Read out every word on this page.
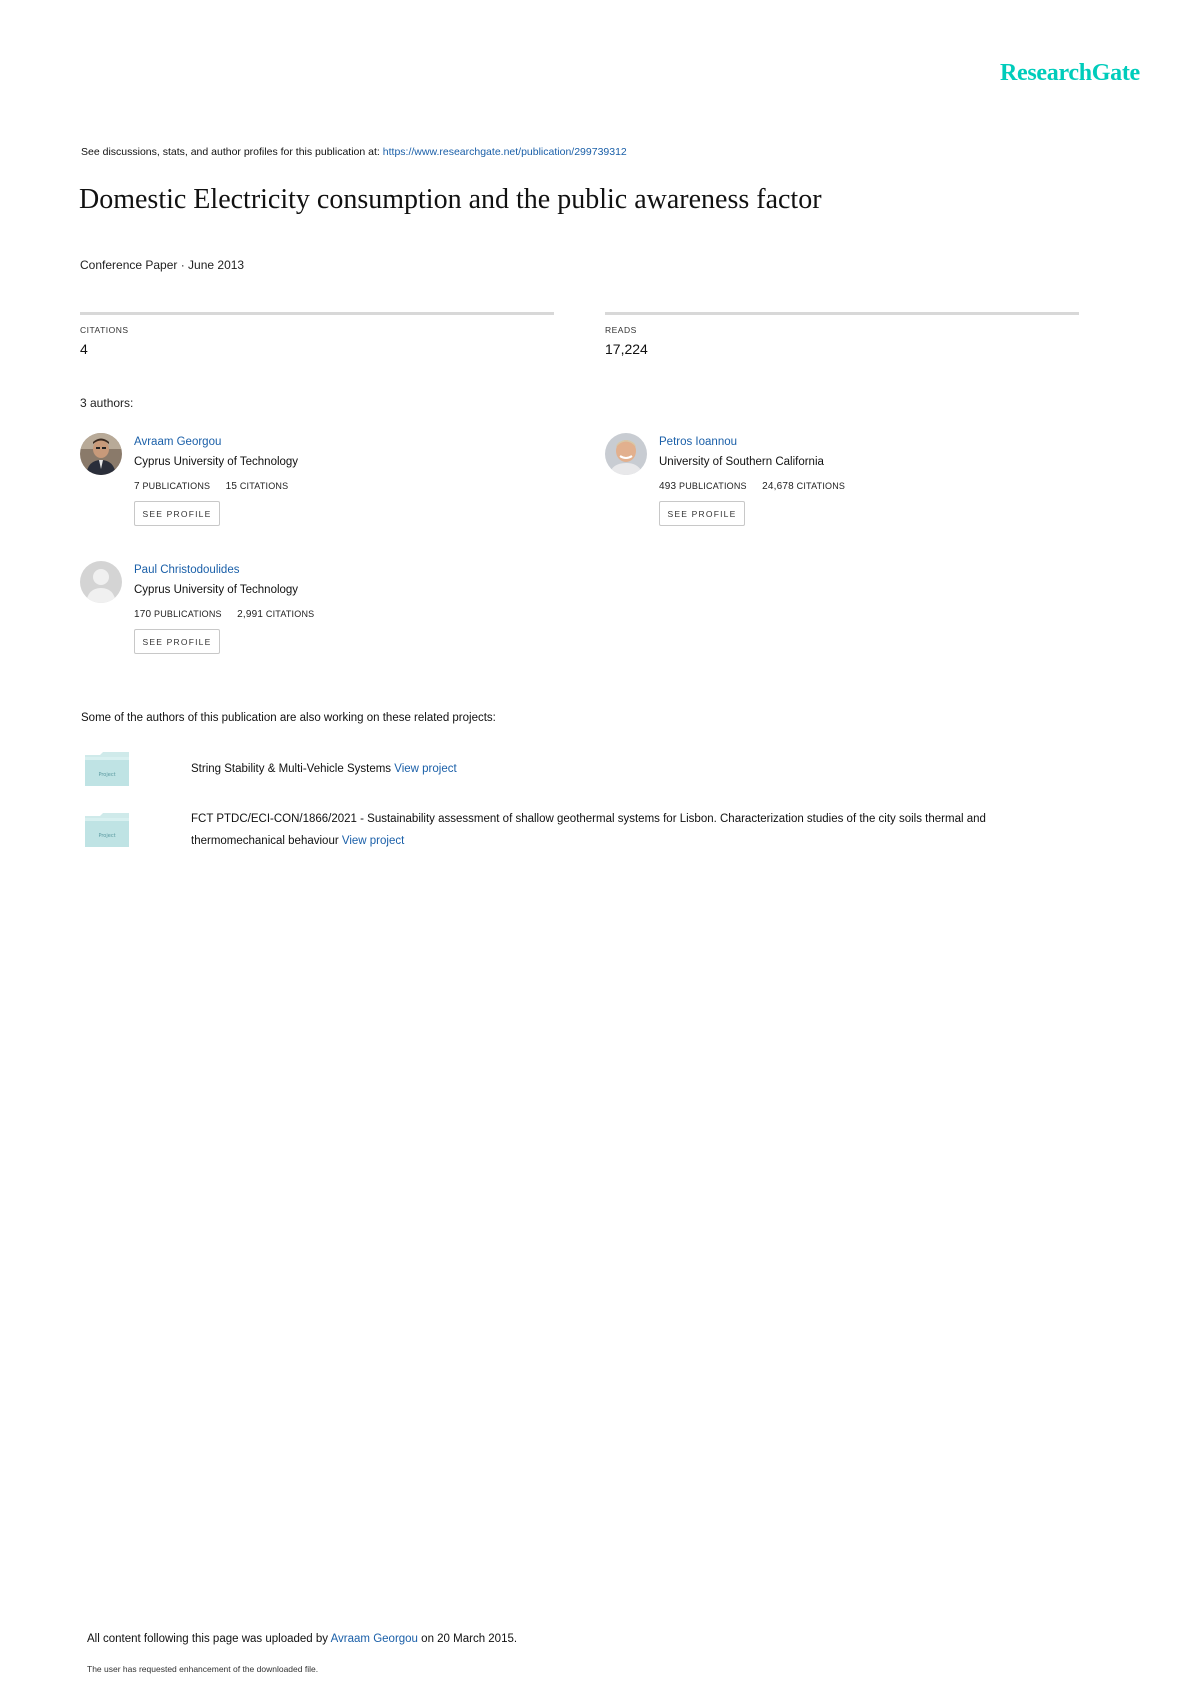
ResearchGate
See discussions, stats, and author profiles for this publication at: https://www.researchgate.net/publication/299739312
Domestic Electricity consumption and the public awareness factor
Conference Paper · June 2013
CITATIONS
4
READS
17,224
3 authors:
Avraam Georgou
Cyprus University of Technology
7 PUBLICATIONS 15 CITATIONS
SEE PROFILE
Petros Ioannou
University of Southern California
493 PUBLICATIONS 24,678 CITATIONS
SEE PROFILE
Paul Christodoulides
Cyprus University of Technology
170 PUBLICATIONS 2,991 CITATIONS
SEE PROFILE
Some of the authors of this publication are also working on these related projects:
Project	String Stability & Multi-Vehicle Systems View project
Project
FCT PTDC/ECI-CON/1866/2021 - Sustainability assessment of shallow geothermal systems for Lisbon. Characterization studies of the city soils thermal and thermomechanical behaviour View project
All content following this page was uploaded by Avraam Georgou on 20 March 2015.
The user has requested enhancement of the downloaded file.
